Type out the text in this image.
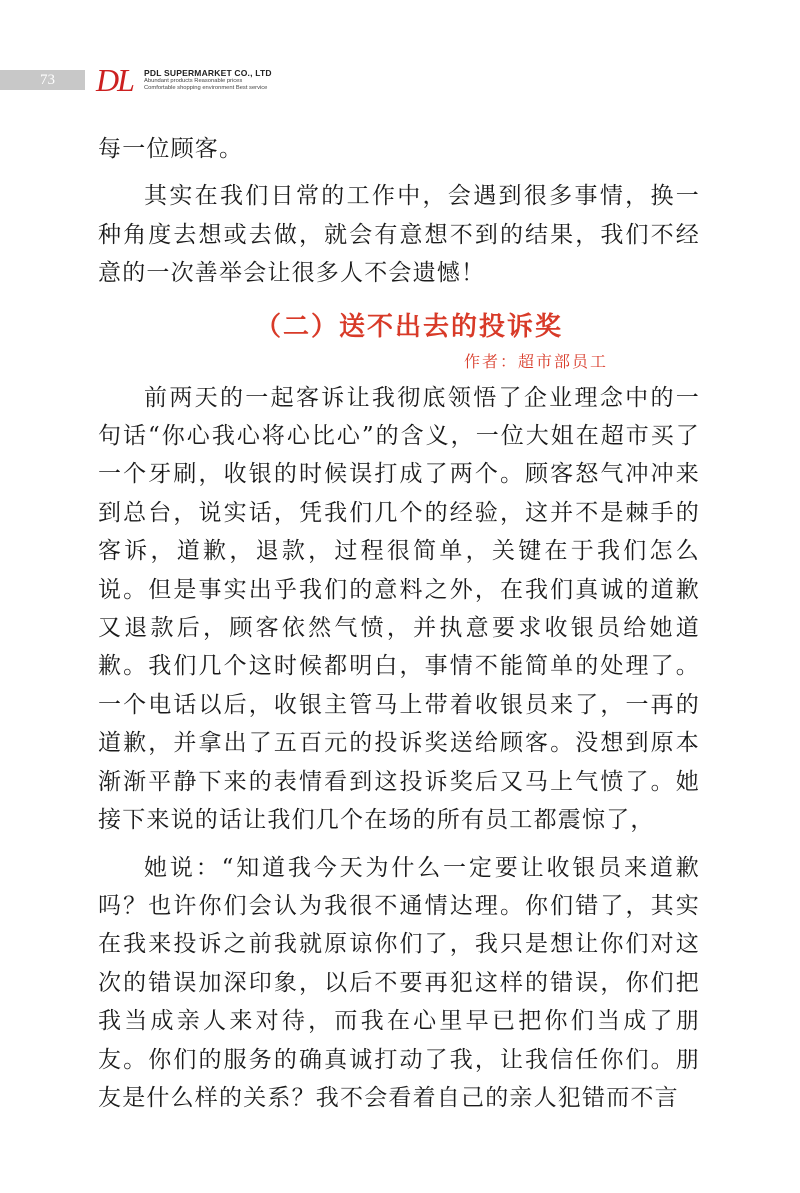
73 DL PDL SUPERMARKET CO., LTD
Abundant products Reasonable prices
Comfortable shopping environment Best service

每一位顾客。

其实在我们日常的工作中，会遇到很多事情，换一种角度去想或去做，就会有意想不到的结果，我们不经意的一次善举会让很多人不会遗憾！

（二）送不出去的投诉奖
作者：超市部员工

前两天的一起客诉让我彻底领悟了企业理念中的一句话“你心我心将心比心”的含义，一位大姐在超市买了一个牙刷，收银的时候误打成了两个。顾客怒气冲冲来到总台，说实话，凭我们几个的经验，这并不是棘手的客诉，道歉，退款，过程很简单，关键在于我们怎么说。但是事实出乎我们的意料之外，在我们真诚的道歉又退款后，顾客依然气愤，并执意要求收银员给她道歉。我们几个这时候都明白，事情不能简单的处理了。一个电话以后，收银主管马上带着收银员来了，一再的道歉，并拿出了五百元的投诉奖送给顾客。没想到原本渐渐平静下来的表情看到这投诉奖后又马上气愤了。她接下来说的话让我们几个在场的所有员工都震惊了，

她说：“知道我今天为什么一定要让收银员来道歉吗？也许你们会认为我很不通情达理。你们错了，其实在我来投诉之前我就原谅你们了，我只是想让你们对这次的错误加深印象，以后不要再犯这样的错误，你们把我当成亲人来对待，而我在心里早已把你们当成了朋友。你们的服务的确真诚打动了我，让我信任你们。朋友是什么样的关系？我不会看着自己的亲人犯错而不言
